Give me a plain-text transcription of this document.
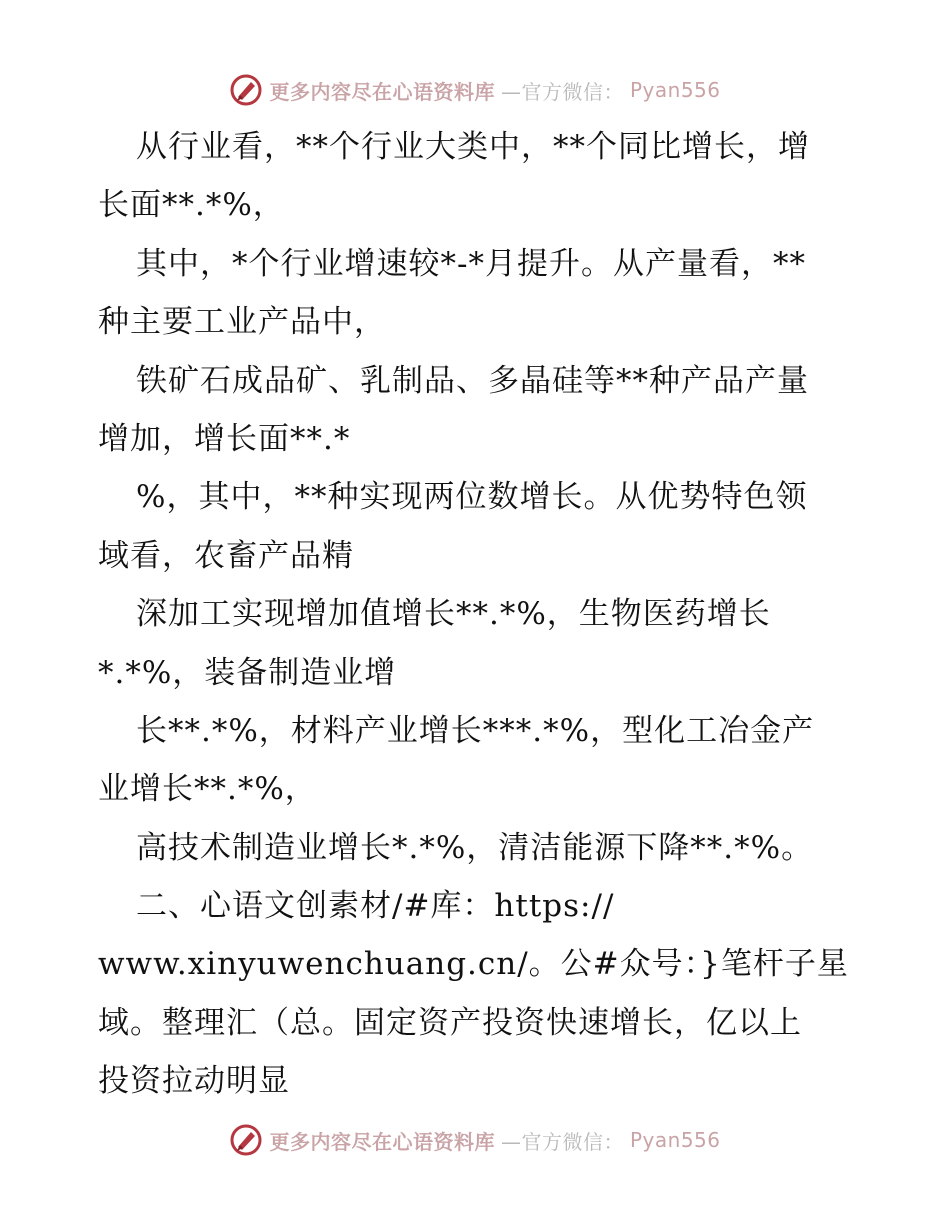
更多内容尽在心语资料库 —官方微信： Pyan556
从行业看，**个行业大类中，**个同比增长，增
长面**.*%，
其中，*个行业增速较*-*月提升。从产量看，**
种主要工业产品中，
铁矿石成品矿、乳制品、多晶硅等**种产品产量
增加，增长面**.*
%，其中，**种实现两位数增长。从优势特色领
域看，农畜产品精
深加工实现增加值增长**.*%，生物医药增长
*.*%，装备制造业增
长**.*%，材料产业增长***.*%，型化工冶金产
业增长**.*%，
高技术制造业增长*.*%，清洁能源下降**.*%。
二、心语文创素材/#库：https://
www.xinyuwenchuang.cn/。公#众号：}笔杆子星
域。整理汇（总。固定资产投资快速增长，亿以上
投资拉动明显
更多内容尽在心语资料库 —官方微信： Pyan556
